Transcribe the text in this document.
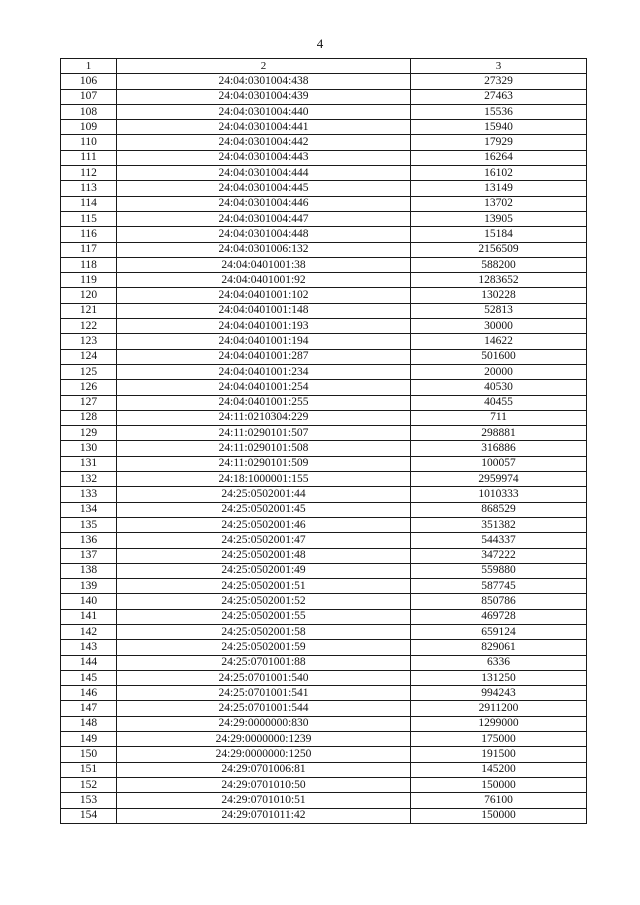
4
1	2	3
106	24:04:0301004:438	27329
107	24:04:0301004:439	27463
108	24:04:0301004:440	15536
109	24:04:0301004:441	15940
110	24:04:0301004:442	17929
111	24:04:0301004:443	16264
112	24:04:0301004:444	16102
113	24:04:0301004:445	13149
114	24:04:0301004:446	13702
115	24:04:0301004:447	13905
116	24:04:0301004:448	15184
117	24:04:0301006:132	2156509
118	24:04:0401001:38	588200
119	24:04:0401001:92	1283652
120	24:04:0401001:102	130228
121	24:04:0401001:148	52813
122	24:04:0401001:193	30000
123	24:04:0401001:194	14622
124	24:04:0401001:287	501600
125	24:04:0401001:234	20000
126	24:04:0401001:254	40530
127	24:04:0401001:255	40455
128	24:11:0210304:229	711
129	24:11:0290101:507	298881
130	24:11:0290101:508	316886
131	24:11:0290101:509	100057
132	24:18:1000001:155	2959974
133	24:25:0502001:44	1010333
134	24:25:0502001:45	868529
135	24:25:0502001:46	351382
136	24:25:0502001:47	544337
137	24:25:0502001:48	347222
138	24:25:0502001:49	559880
139	24:25:0502001:51	587745
140	24:25:0502001:52	850786
141	24:25:0502001:55	469728
142	24:25:0502001:58	659124
143	24:25:0502001:59	829061
144	24:25:0701001:88	6336
145	24:25:0701001:540	131250
146	24:25:0701001:541	994243
147	24:25:0701001:544	2911200
148	24:29:0000000:830	1299000
149	24:29:0000000:1239	175000
150	24:29:0000000:1250	191500
151	24:29:0701006:81	145200
152	24:29:0701010:50	150000
153	24:29:0701010:51	76100
154	24:29:0701011:42	150000
